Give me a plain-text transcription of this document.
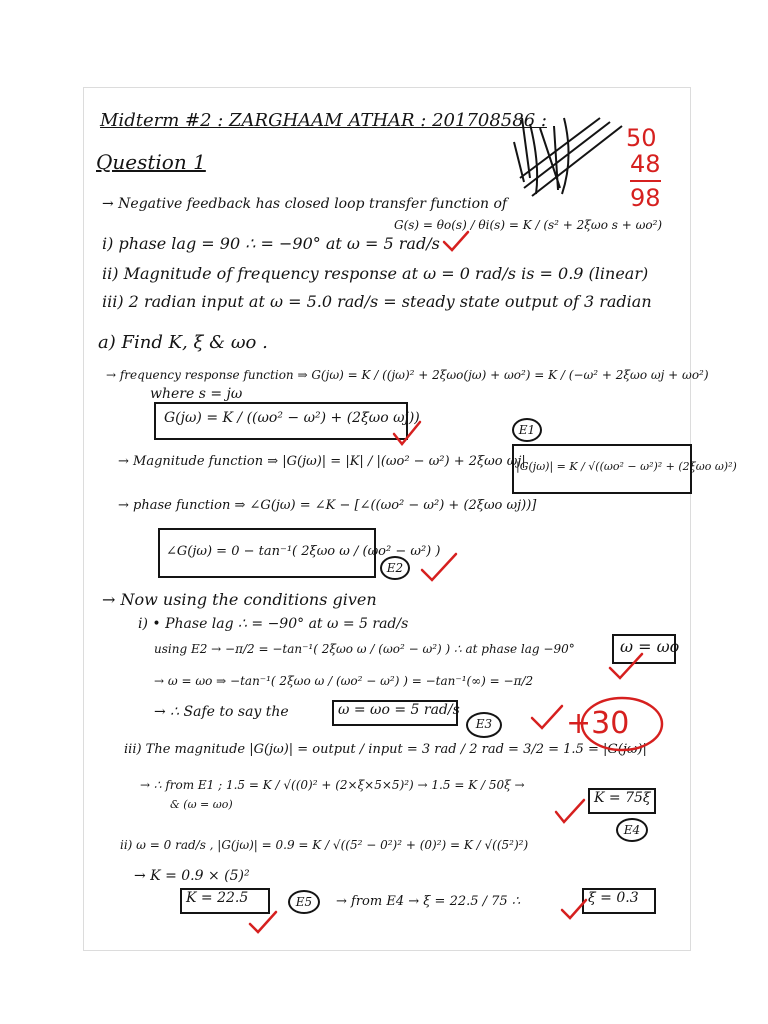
Midterm #2 : ZARGHAAM ATHAR : 201708586 :
50
48
98
Question 1
→ Negative feedback has closed loop transfer function of
G(s) = θo(s) / θi(s) = K / (s² + 2ξωo s + ωo²)
i) phase lag = 90 ∴ = −90° at ω = 5 rad/s
ii) Magnitude of frequency response at ω = 0 rad/s is = 0.9 (linear)
iii) 2 radian input at ω = 5.0 rad/s = steady state output of 3 radian
a) Find K, ξ & ωo .
→ frequency response function ⇒ G(jω) = K / ((jω)² + 2ξωo(jω) + ωo²) = K / (−ω² + 2ξωo ωj + ωo²)
where s = jω
G(jω) = K / ((ωo² − ω²) + (2ξωo ωj))
→ Magnitude function ⇒ |G(jω)| = |K| / |(ωo² − ω²) + 2ξωo ωj|
|G(jω)| = K / √((ωo² − ω²)² + (2ξωo ω)²)
E1
→ phase function ⇒ ∠G(jω) = ∠K − [∠((ωo² − ω²) + (2ξωo ωj))]
∠G(jω) = 0 − tan⁻¹( 2ξωo ω / (ωo² − ω²) )
E2
→ Now using the conditions given
i) • Phase lag ∴ = −90° at ω = 5 rad/s
using E2 → −π/2 = −tan⁻¹( 2ξωo ω / (ωo² − ω²) ) ∴ at phase lag −90°	ω = ωo
→ ω = ωo ⇒ −tan⁻¹( 2ξωo ω / (ωo² − ω²) ) = −tan⁻¹(∞) = −π/2
→ ∴ Safe to say the	ω = ωo = 5 rad/s
E3
iii) The magnitude |G(jω)| = output / input = 3 rad / 2 rad = 3/2 = 1.5 = |G(jω)|
→ ∴ from E1 ; 1.5 = K / √((0)² + (2×ξ×5×5)²) → 1.5 = K / 50ξ →
& (ω = ωo)	K = 75ξ
E4
ii) ω = 0 rad/s , |G(jω)| = 0.9 = K / √((5² − 0²)² + (0)²) = K / √((5²)²)
→ K = 0.9 × (5)²
K = 22.5	E5	→ from E4 → ξ = 22.5 / 75 ∴	ξ = 0.3
+30
